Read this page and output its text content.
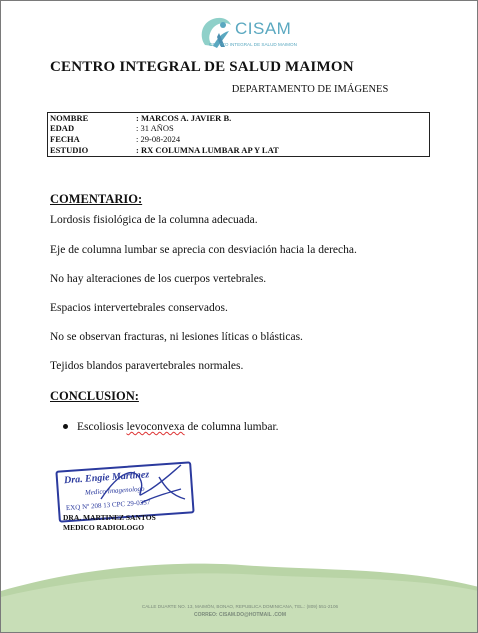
CISAM
CENTRO INTEGRAL DE SALUD MAIMON
CENTRO INTEGRAL DE SALUD MAIMON
DEPARTAMENTO DE IMÁGENES
NOMBRE	: MARCOS A. JAVIER B.
EDAD	: 31 AÑOS
FECHA	: 29-08-2024
ESTUDIO	: RX COLUMNA LUMBAR AP Y LAT
COMENTARIO:
Lordosis fisiológica de la columna adecuada.
Eje de columna lumbar se aprecia con desviación hacia la derecha.
No hay alteraciones de los cuerpos vertebrales.
Espacios intervertebrales conservados.
No se observan fracturas, ni lesiones líticas o blásticas.
Tejidos blandos paravertebrales normales.
CONCLUSION:
Escoliosis levoconvexa de columna lumbar.
Dra. Engie Martinez
Medico Imagenologo
EXQ Nº 208 13 CPC 29-0357
DRA. MARTINEZ SANTOS
MEDICO RADIOLOGO
CALLE DUARTE NO. 13, MAIMÓN, BONAO, REPUBLICA DOMINICANA, TEL.: (809) 551-2106
CORREO: CISAM.DO@HOTMAIL .COM
